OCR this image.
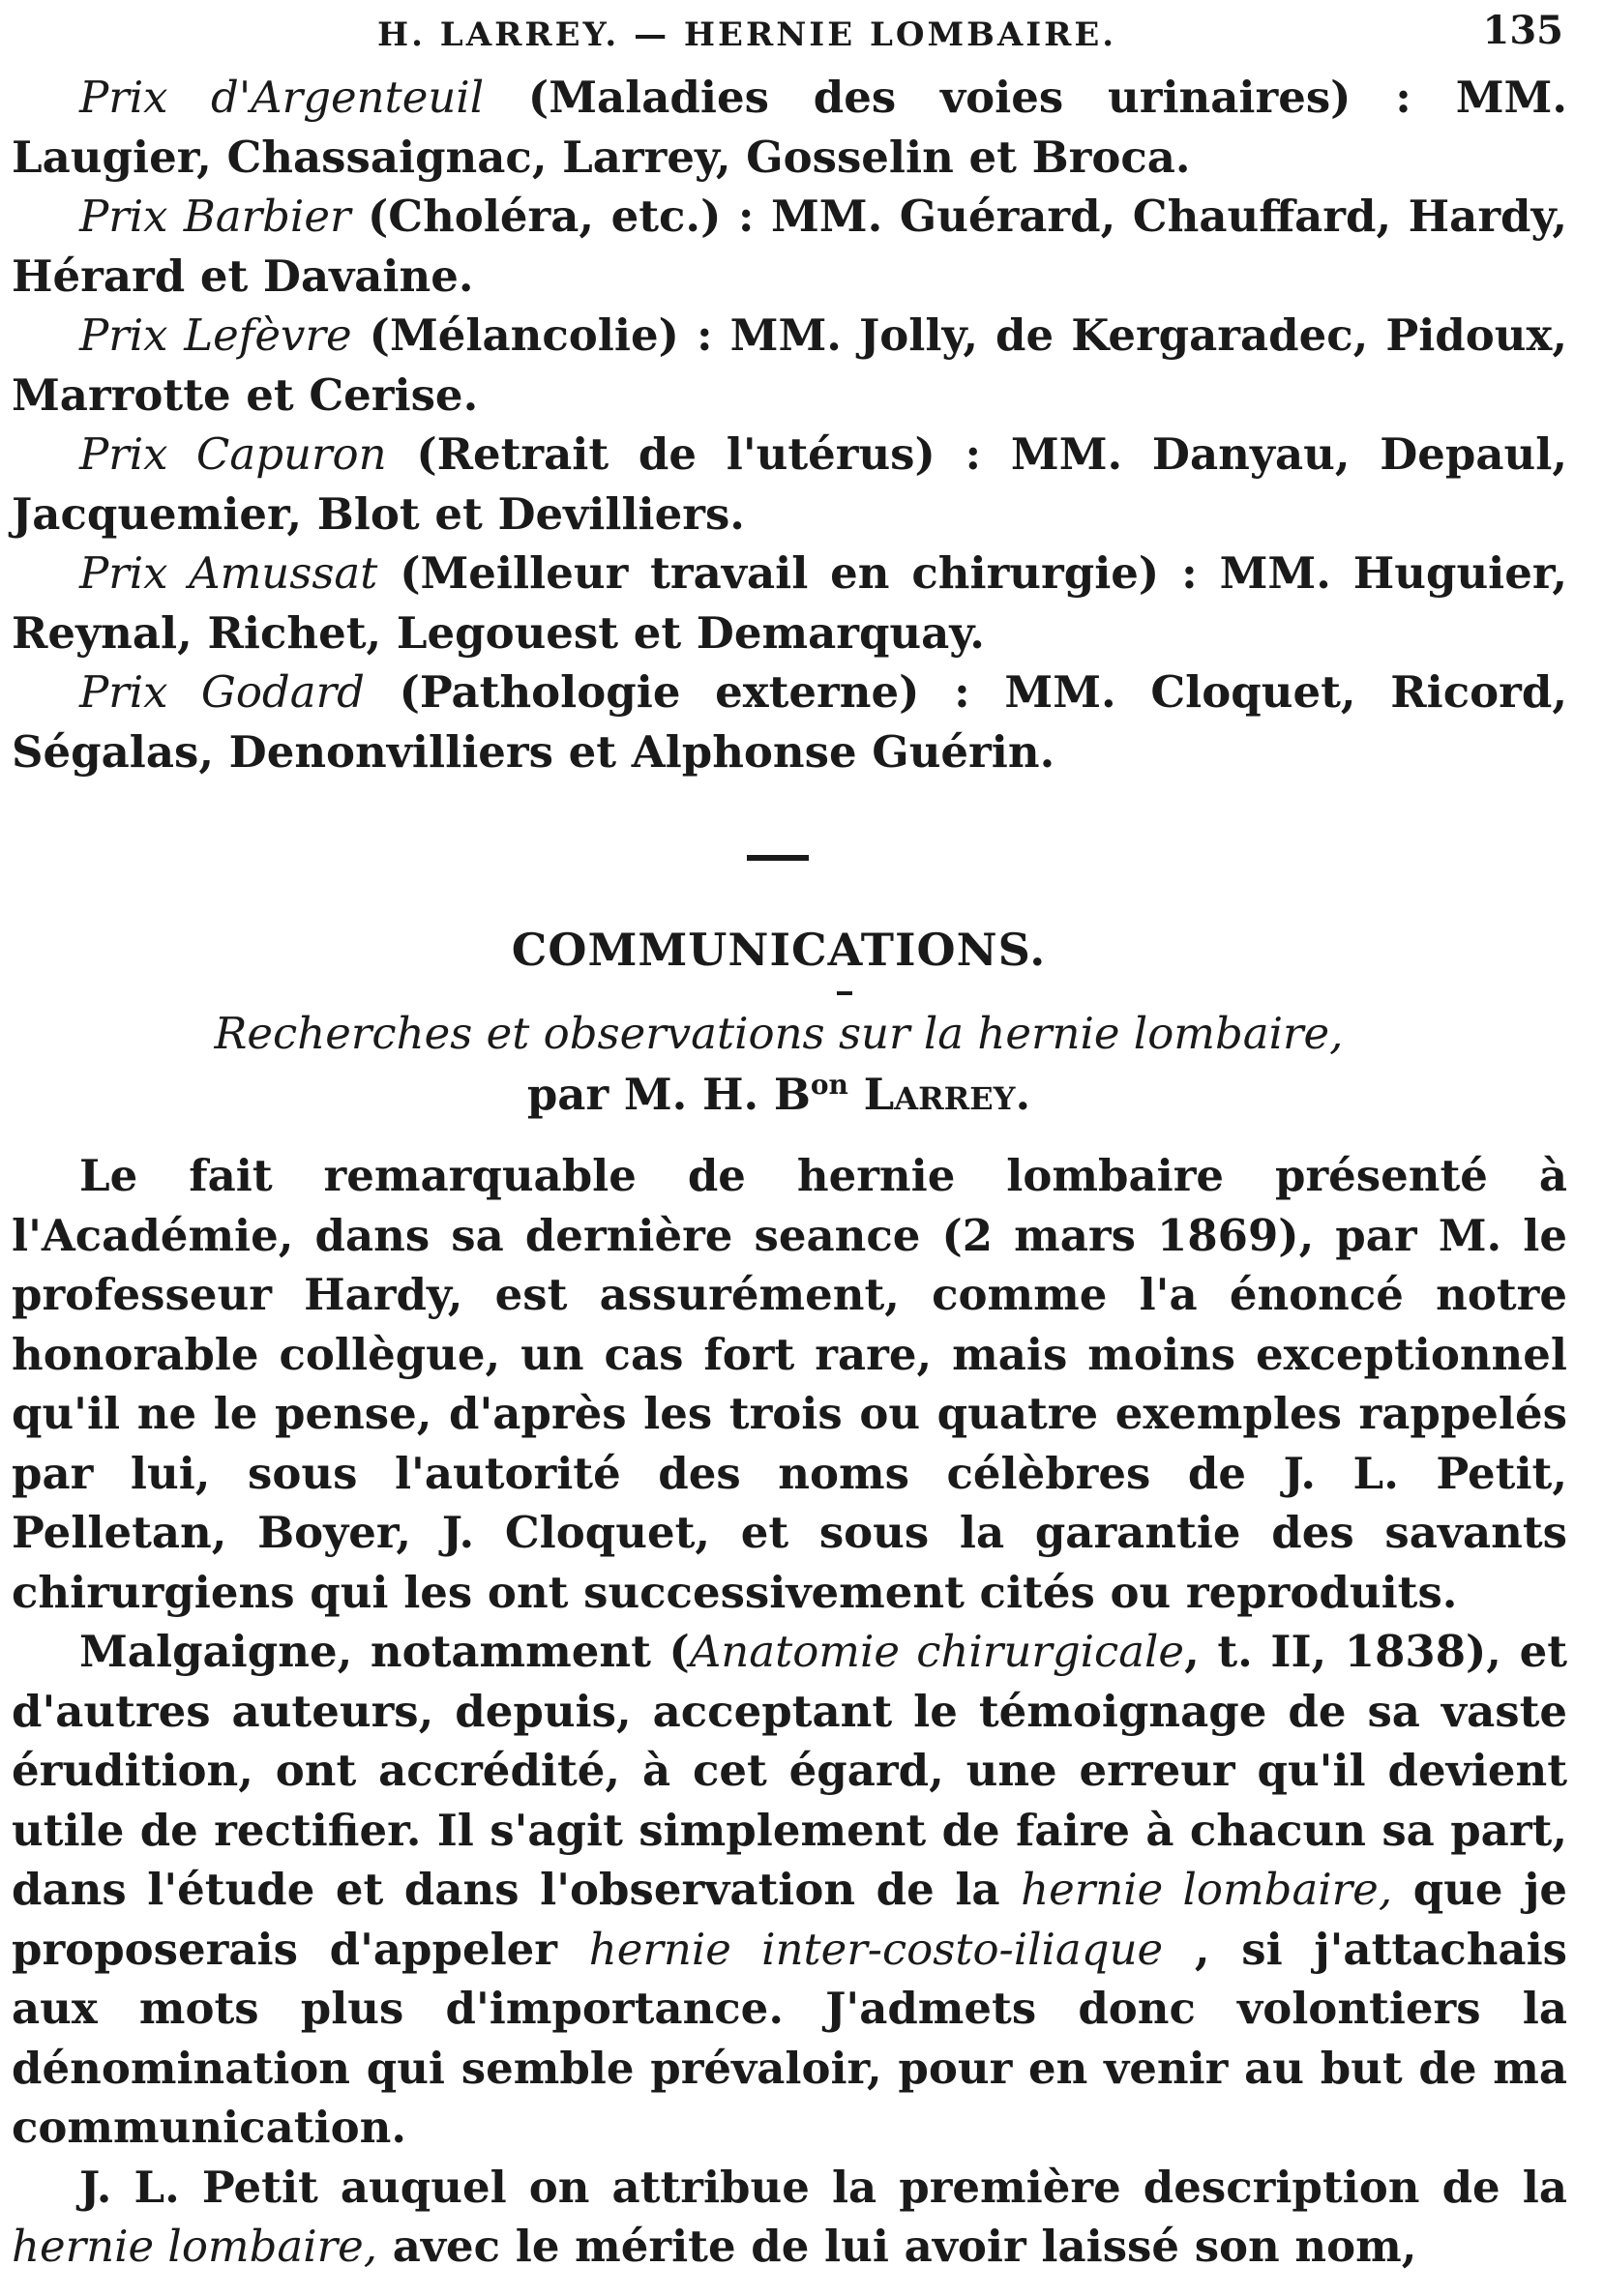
H. LARREY. — HERNIE LOMBAIRE.	135

Prix d'Argenteuil (Maladies des voies urinaires) : MM. Laugier, Chassaignac, Larrey, Gosselin et Broca.

Prix Barbier (Choléra, etc.) : MM. Guérard, Chauffard, Hardy, Hérard et Davaine.

Prix Lefèvre (Mélancolie) : MM. Jolly, de Kergaradec, Pidoux, Marrotte et Cerise.

Prix Capuron (Retrait de l'utérus) : MM. Danyau, Depaul, Jacquemier, Blot et Devilliers.

Prix Amussat (Meilleur travail en chirurgie) : MM. Huguier, Reynal, Richet, Legouest et Demarquay.

Prix Godard (Pathologie externe) : MM. Cloquet, Ricord, Ségalas, Denonvilliers et Alphonse Guérin.

COMMUNICATIONS.
Recherches et observations sur la hernie lombaire,
par M. H. $B^{on}$ Larrey.

Le fait remarquable de hernie lombaire présenté à l'Académie, dans sa dernière seance (2 mars 1869), par M. le professeur Hardy, est assurément, comme l'a énoncé notre honorable collègue, un cas fort rare, mais moins exceptionnel qu'il ne le pense, d'après les trois ou quatre exemples rappelés par lui, sous l'autorité des noms célèbres de J. L. Petit, Pelletan, Boyer, J. Cloquet, et sous la garantie des savants chirurgiens qui les ont successivement cités ou reproduits.

Malgaigne, notamment (Anatomie chirurgicale, t. II, 1838), et d'autres auteurs, depuis, acceptant le témoignage de sa vaste érudition, ont accrédité, à cet égard, une erreur qu'il devient utile de rectifier. Il s'agit simplement de faire à chacun sa part, dans l'étude et dans l'observation de la hernie lombaire, que je proposerais d'appeler hernie inter-costo-iliaque , si j'attachais aux mots plus d'importance. J'admets donc volontiers la dénomination qui semble prévaloir, pour en venir au but de ma communication.

J. L. Petit auquel on attribue la première description de la hernie lombaire, avec le mérite de lui avoir laissé son nom,
